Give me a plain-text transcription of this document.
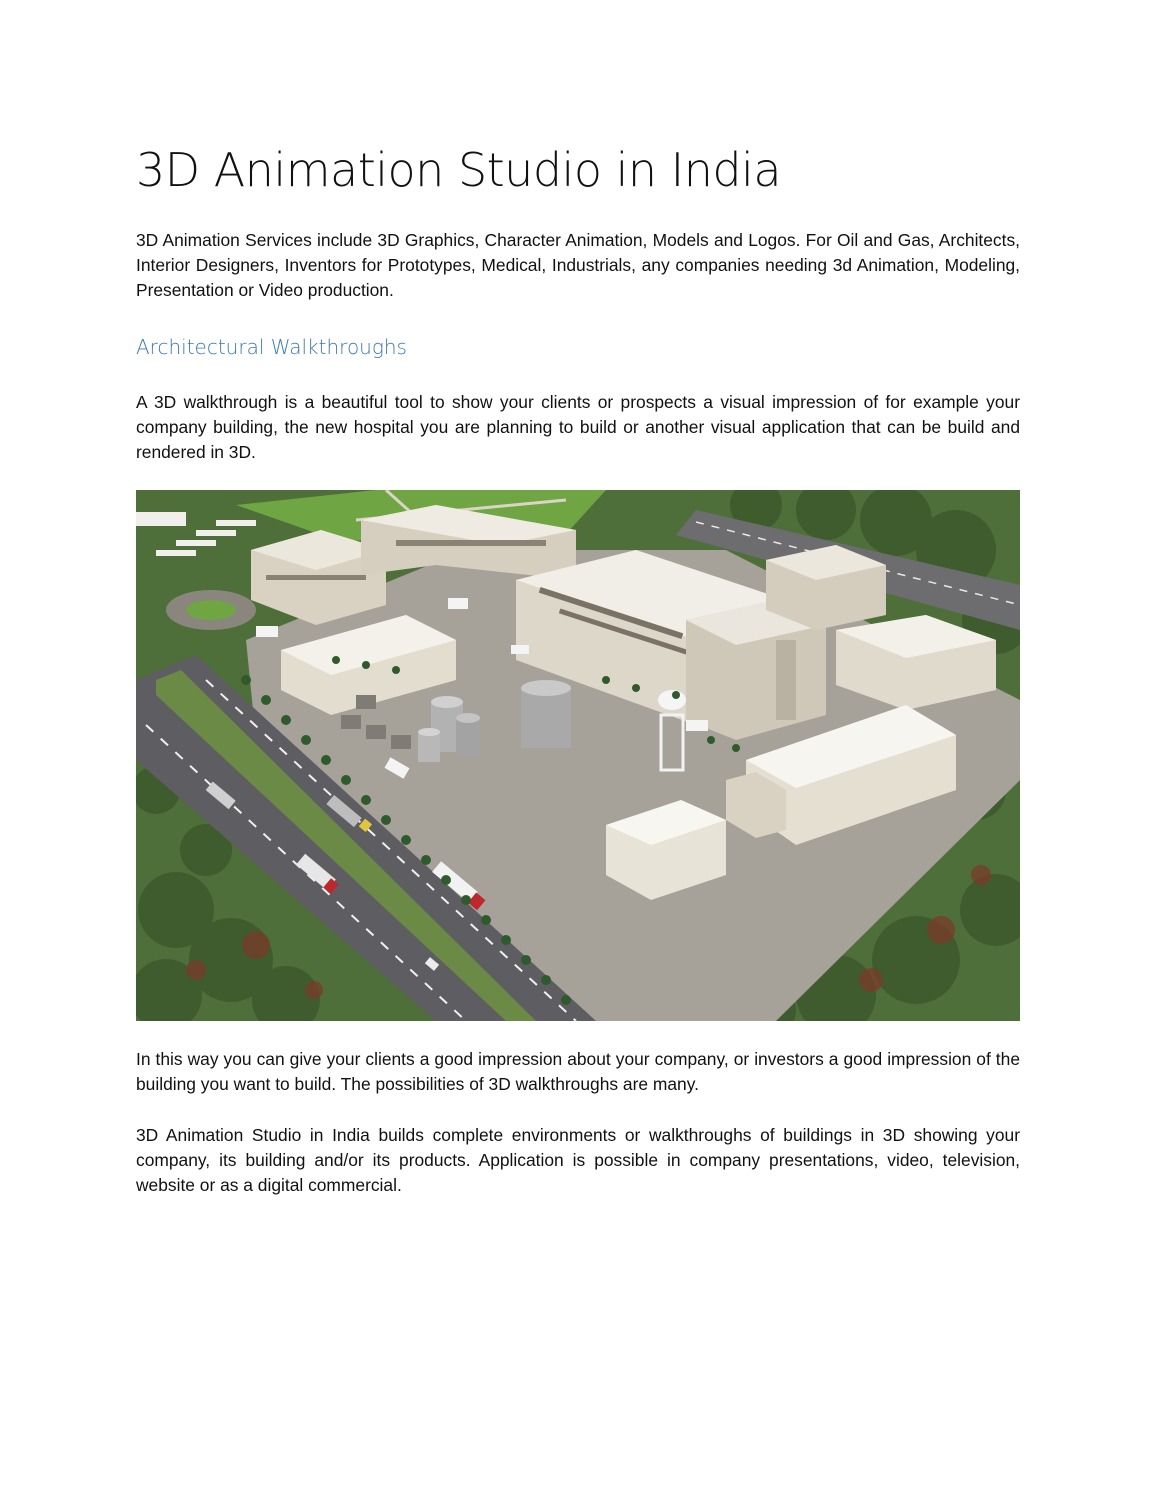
3D Animation Studio in India

3D Animation Services include 3D Graphics, Character Animation, Models and Logos. For Oil and Gas, Architects, Interior Designers, Inventors for Prototypes, Medical, Industrials, any companies needing 3d Animation, Modeling, Presentation or Video production.

Architectural Walkthroughs

A 3D walkthrough is a beautiful tool to show your clients or prospects a visual impression of for example your company building, the new hospital you are planning to build or another visual application that can be build and rendered in 3D.

In this way you can give your clients a good impression about your company, or investors a good impression of the building you want to build. The possibilities of 3D walkthroughs are many.

3D Animation Studio in India builds complete environments or walkthroughs of buildings in 3D showing your company, its building and/or its products. Application is possible in company presentations, video, television, website or as a digital commercial.
